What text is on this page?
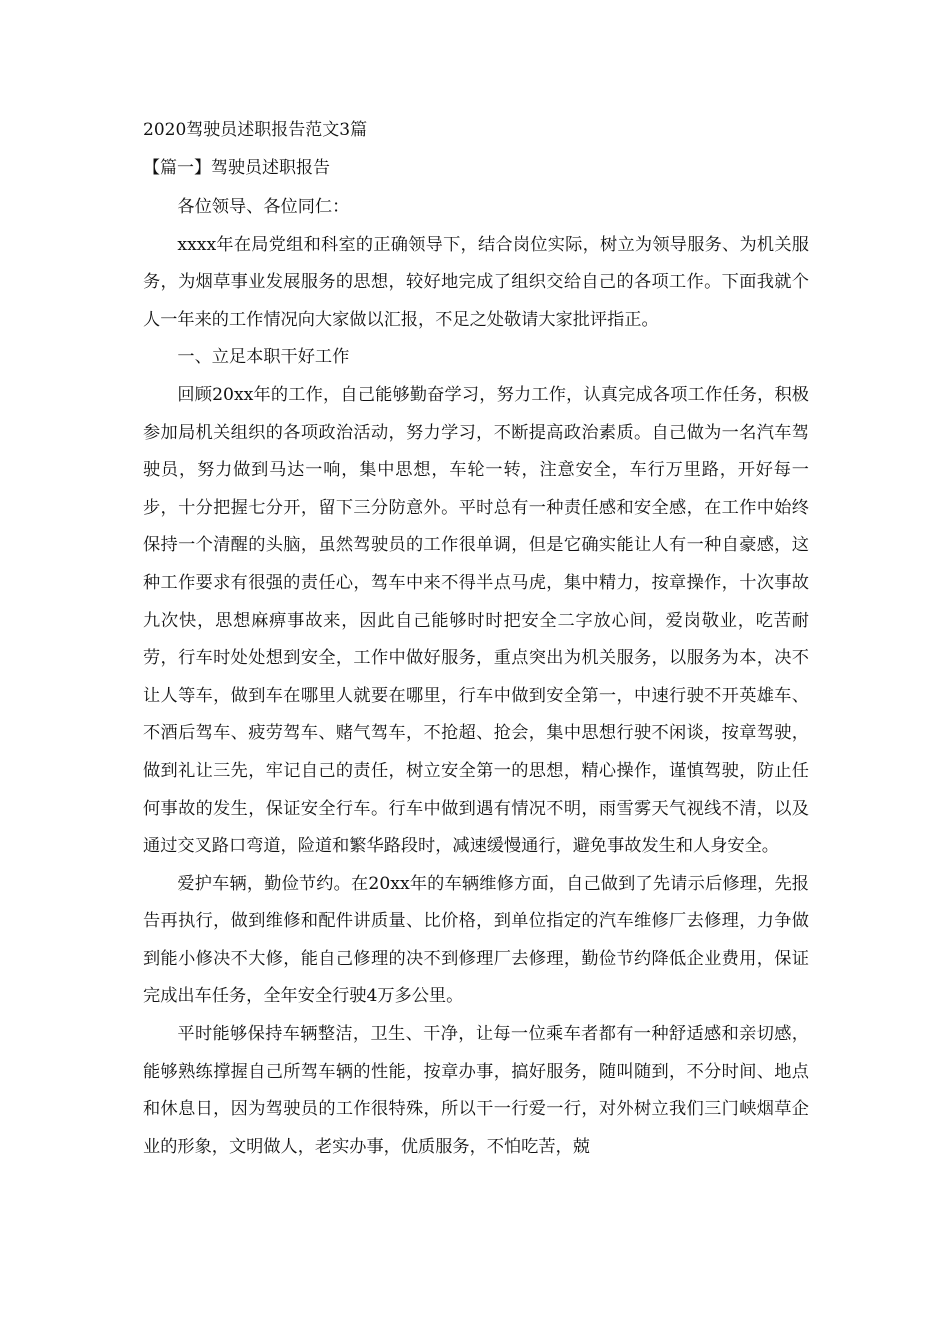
2020驾驶员述职报告范文3篇
【篇一】驾驶员述职报告

各位领导、各位同仁：

xxxx年在局党组和科室的正确领导下，结合岗位实际，树立为领导服务、为机关服务，为烟草事业发展服务的思想，较好地完成了组织交给自己的各项工作。下面我就个人一年来的工作情况向大家做以汇报，不足之处敬请大家批评指正。

一、立足本职干好工作

回顾20xx年的工作，自己能够勤奋学习，努力工作，认真完成各项工作任务，积极参加局机关组织的各项政治活动，努力学习，不断提高政治素质。自己做为一名汽车驾驶员，努力做到马达一响，集中思想，车轮一转，注意安全，车行万里路，开好每一步，十分把握七分开，留下三分防意外。平时总有一种责任感和安全感，在工作中始终保持一个清醒的头脑，虽然驾驶员的工作很单调，但是它确实能让人有一种自豪感，这种工作要求有很强的责任心，驾车中来不得半点马虎，集中精力，按章操作，十次事故九次快，思想麻痹事故来，因此自己能够时时把安全二字放心间，爱岗敬业，吃苦耐劳，行车时处处想到安全，工作中做好服务，重点突出为机关服务，以服务为本，决不让人等车，做到车在哪里人就要在哪里，行车中做到安全第一，中速行驶不开英雄车、不酒后驾车、疲劳驾车、赌气驾车，不抢超、抢会，集中思想行驶不闲谈，按章驾驶，做到礼让三先，牢记自己的责任，树立安全第一的思想，精心操作，谨慎驾驶，防止任何事故的发生，保证安全行车。行车中做到遇有情况不明，雨雪雾天气视线不清，以及通过交叉路口弯道，险道和繁华路段时，减速缓慢通行，避免事故发生和人身安全。

爱护车辆，勤俭节约。在20xx年的车辆维修方面，自己做到了先请示后修理，先报告再执行，做到维修和配件讲质量、比价格，到单位指定的汽车维修厂去修理，力争做到能小修决不大修，能自己修理的决不到修理厂去修理，勤俭节约降低企业费用，保证完成出车任务，全年安全行驶4万多公里。

平时能够保持车辆整洁，卫生、干净，让每一位乘车者都有一种舒适感和亲切感，能够熟练撑握自己所驾车辆的性能，按章办事，搞好服务，随叫随到，不分时间、地点和休息日，因为驾驶员的工作很特殊，所以干一行爱一行，对外树立我们三门峡烟草企业的形象，文明做人，老实办事，优质服务，不怕吃苦，兢
